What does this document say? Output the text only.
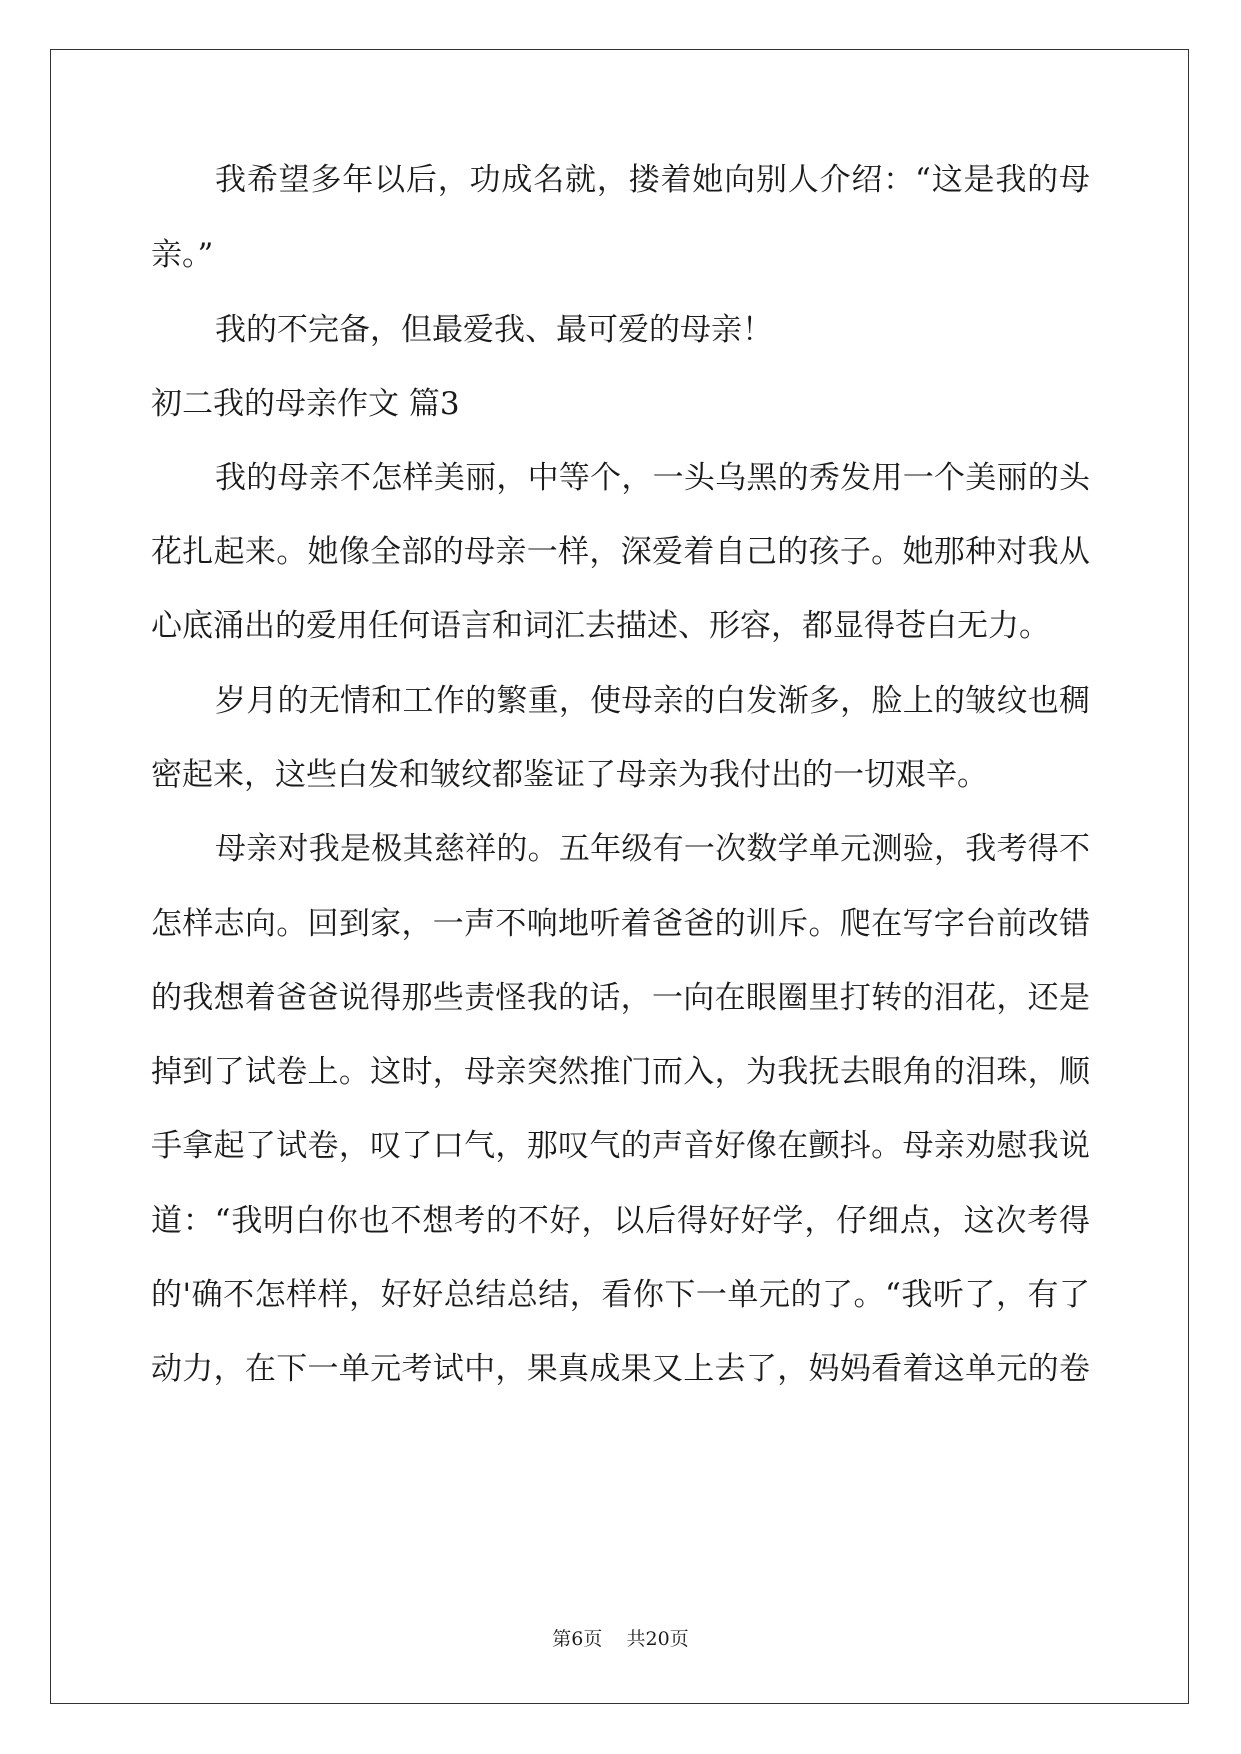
我希望多年以后，功成名就，搂着她向别人介绍：“这是我的母
亲。”
我的不完备，但最爱我、最可爱的母亲！
初二我的母亲作文 篇3
我的母亲不怎样美丽，中等个，一头乌黑的秀发用一个美丽的头
花扎起来。她像全部的母亲一样，深爱着自己的孩子。她那种对我从
心底涌出的爱用任何语言和词汇去描述、形容，都显得苍白无力。
岁月的无情和工作的繁重，使母亲的白发渐多，脸上的皱纹也稠
密起来，这些白发和皱纹都鉴证了母亲为我付出的一切艰辛。
母亲对我是极其慈祥的。五年级有一次数学单元测验，我考得不
怎样志向。回到家，一声不响地听着爸爸的训斥。爬在写字台前改错
的我想着爸爸说得那些责怪我的话，一向在眼圈里打转的泪花，还是
掉到了试卷上。这时，母亲突然推门而入，为我抚去眼角的泪珠，顺
手拿起了试卷，叹了口气，那叹气的声音好像在颤抖。母亲劝慰我说
道：“我明白你也不想考的不好，以后得好好学，仔细点，这次考得
的'确不怎样样，好好总结总结，看你下一单元的了。“我听了，有了
动力，在下一单元考试中，果真成果又上去了，妈妈看着这单元的卷
第6页    共20页
